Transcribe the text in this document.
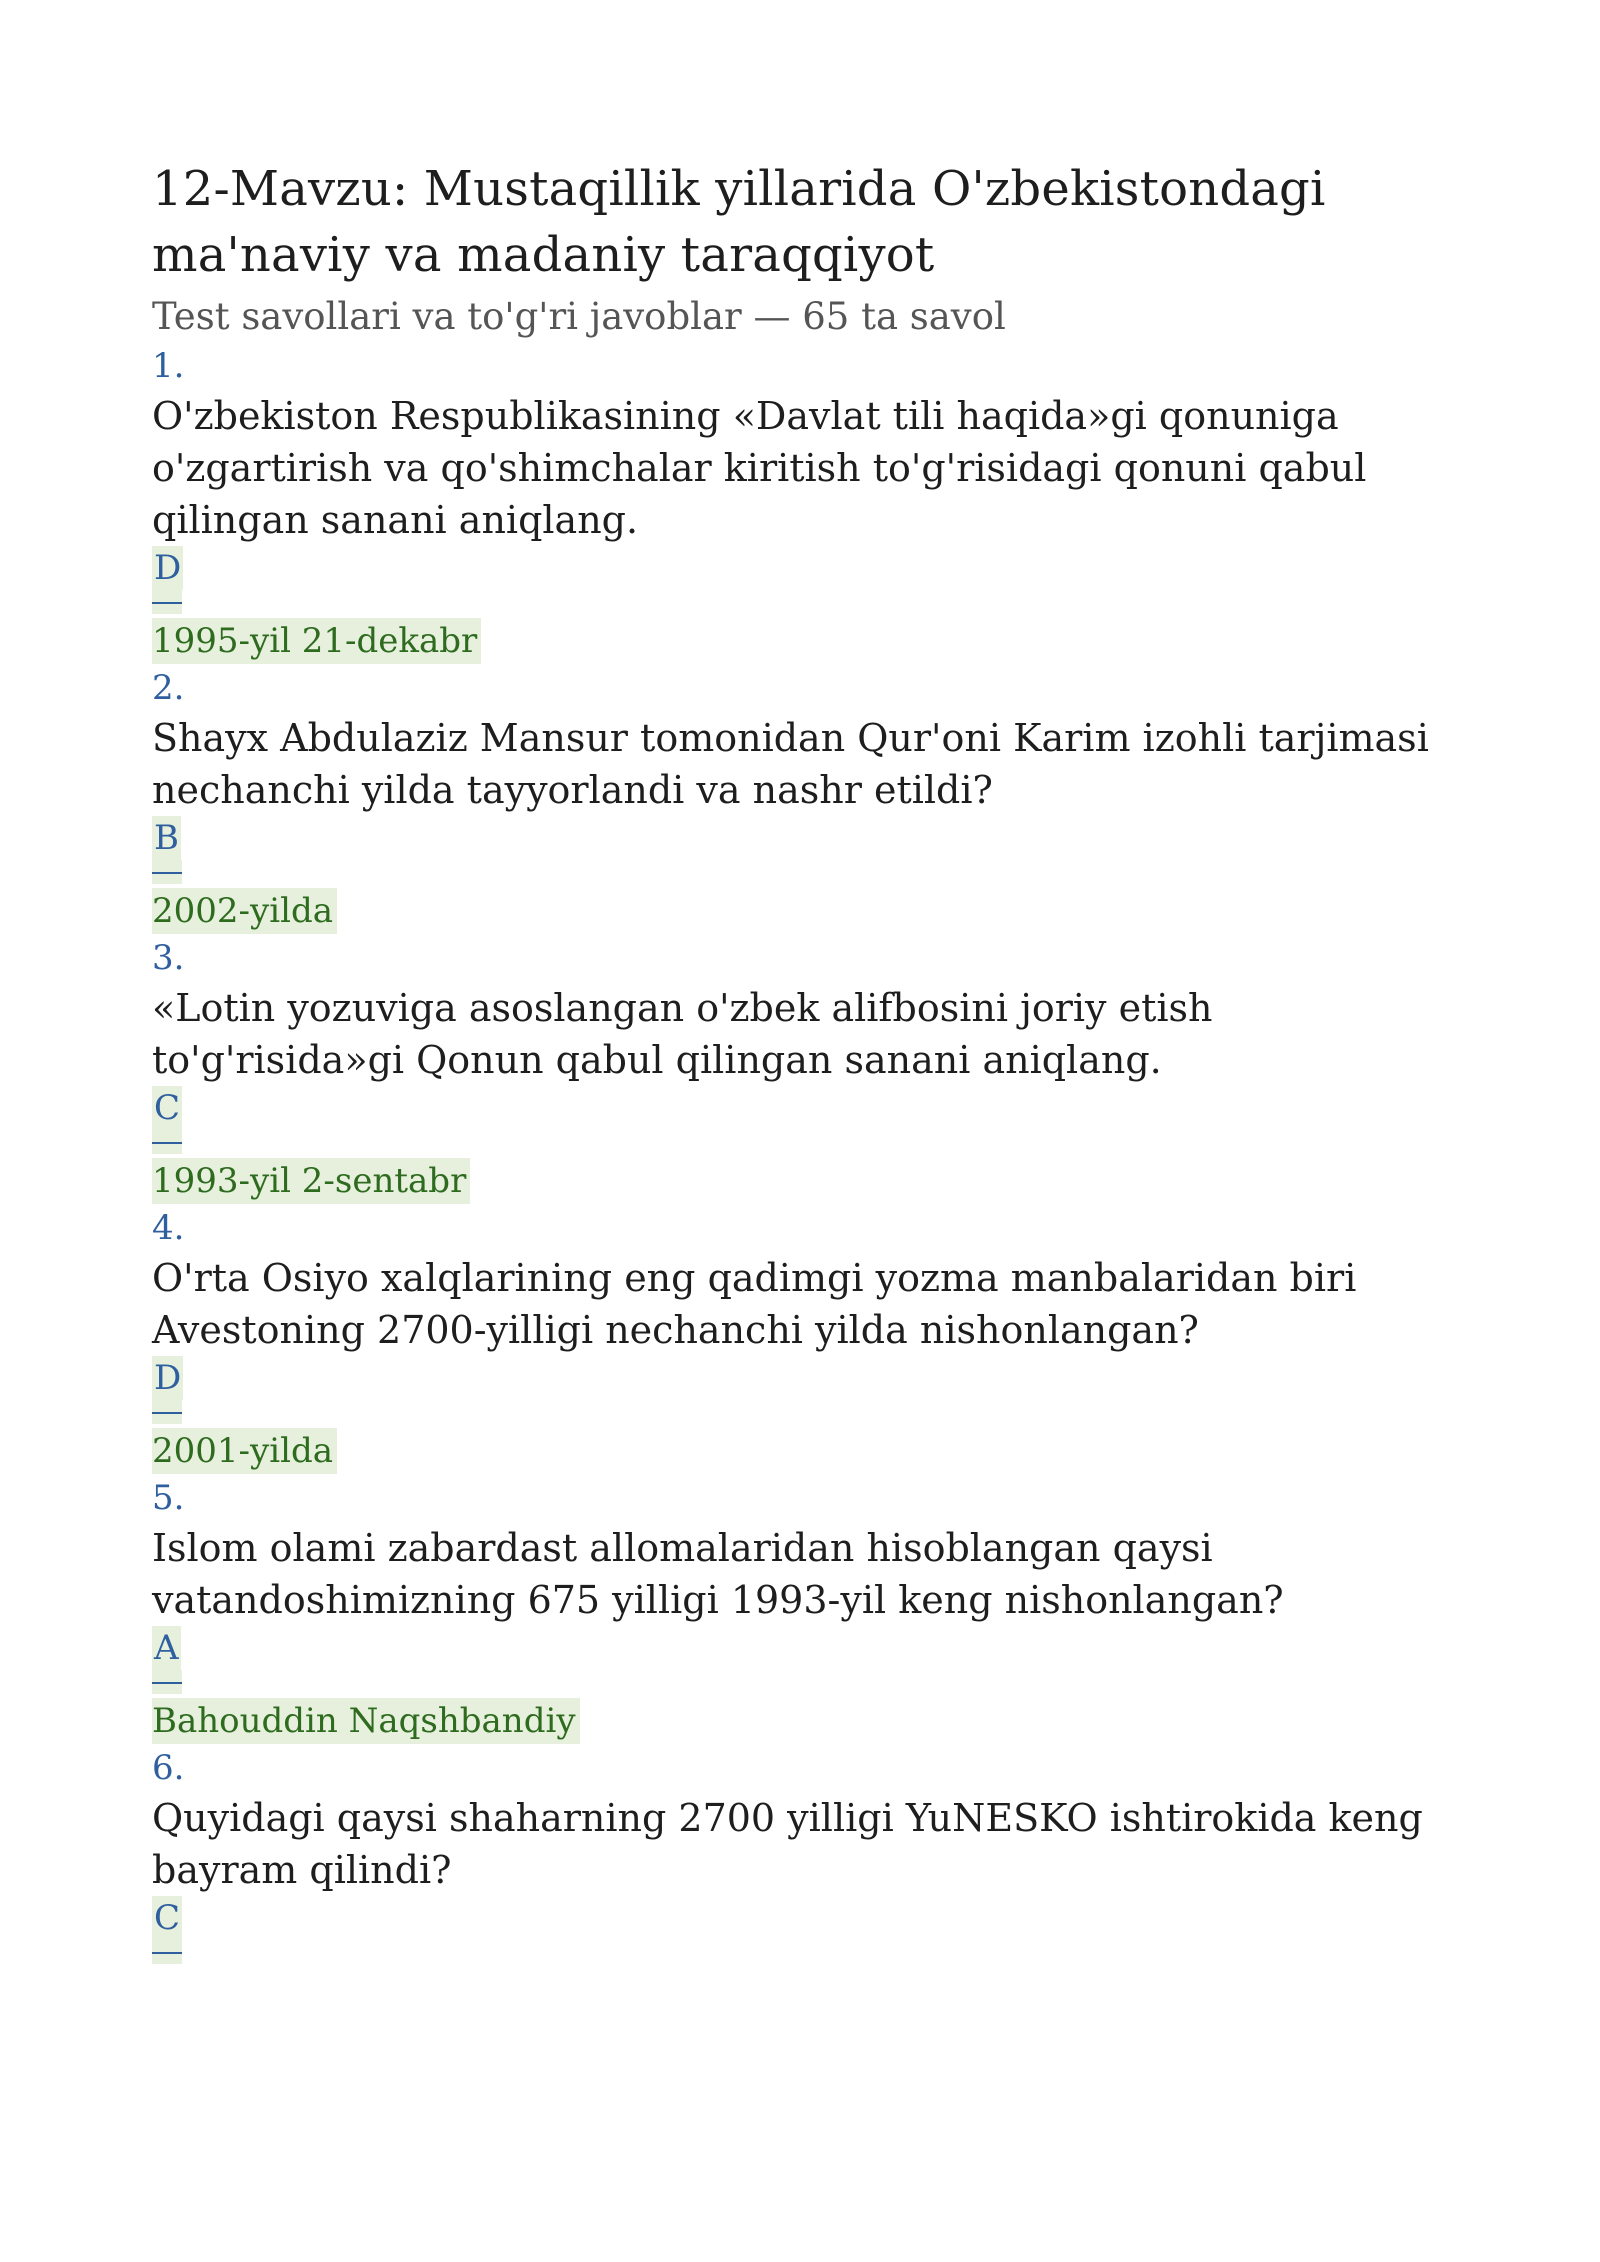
12-Mavzu: Mustaqillik yillarida O'zbekistondagi ma'naviy va madaniy taraqqiyot
Test savollari va to'g'ri javoblar — 65 ta savol
1.
O'zbekiston Respublikasining «Davlat tili haqida»gi qonuniga o'zgartirish va qo'shimchalar kiritish to'g'risidagi qonuni qabul qilingan sanani aniqlang.
D
1995-yil 21-dekabr
2.
Shayx Abdulaziz Mansur tomonidan Qur'oni Karim izohli tarjimasi nechanchi yilda tayyorlandi va nashr etildi?
B
2002-yilda
3.
«Lotin yozuviga asoslangan o'zbek alifbosini joriy etish to'g'risida»gi Qonun qabul qilingan sanani aniqlang.
C
1993-yil 2-sentabr
4.
O'rta Osiyo xalqlarining eng qadimgi yozma manbalaridan biri Avestoning 2700-yilligi nechanchi yilda nishonlangan?
D
2001-yilda
5.
Islom olami zabardast allomalaridan hisoblangan qaysi vatandoshimizning 675 yilligi 1993-yil keng nishonlangan?
A
Bahouddin Naqshbandiy
6.
Quyidagi qaysi shaharning 2700 yilligi YuNESKO ishtirokida keng bayram qilindi?
C
